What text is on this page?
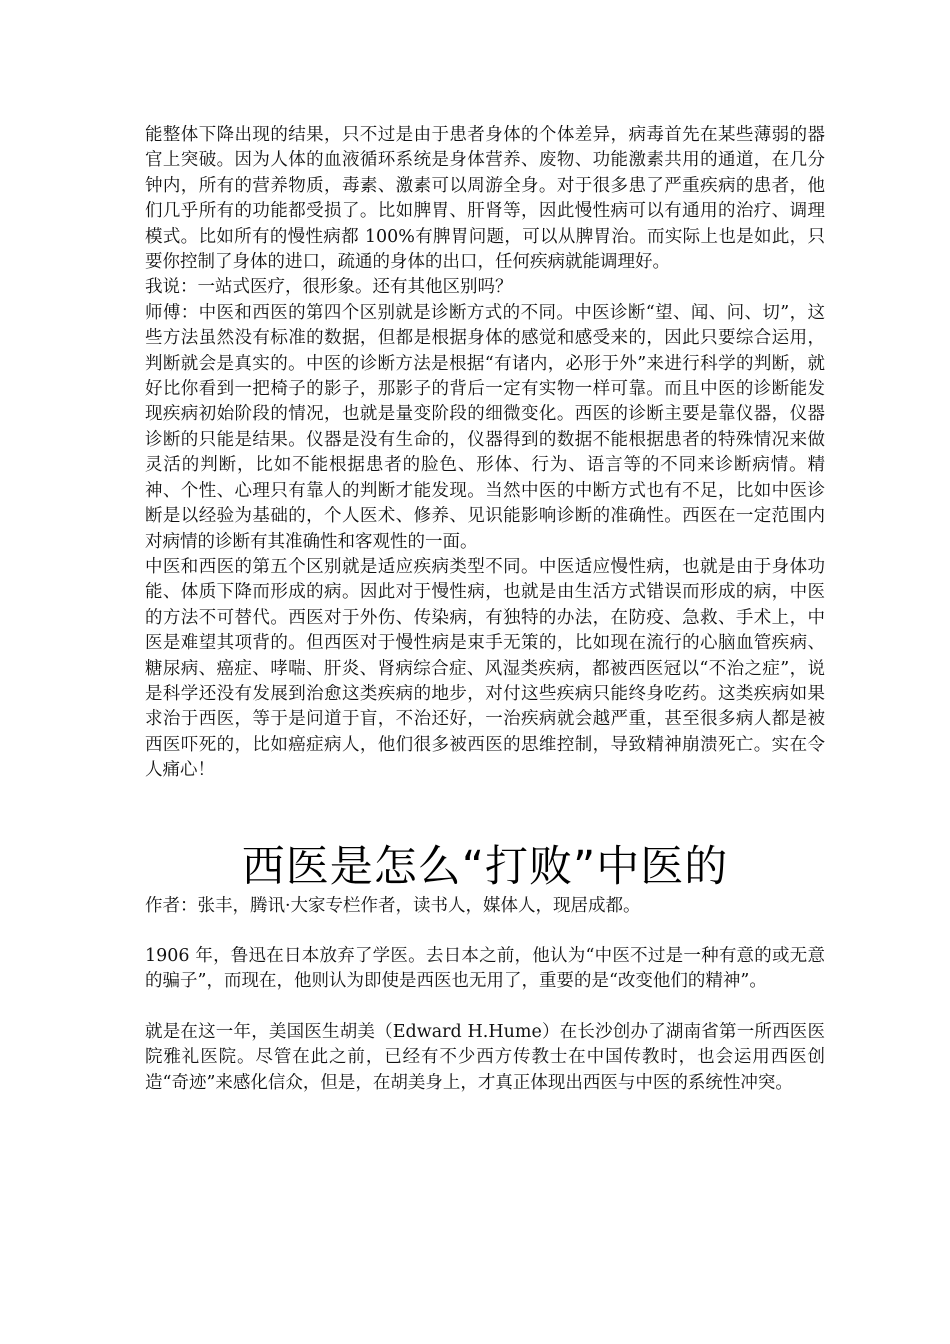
能整体下降出现的结果，只不过是由于患者身体的个体差异，病毒首先在某些薄弱的器官上突破。因为人体的血液循环系统是身体营养、废物、功能激素共用的通道，在几分钟内，所有的营养物质，毒素、激素可以周游全身。对于很多患了严重疾病的患者，他们几乎所有的功能都受损了。比如脾胃、肝肾等，因此慢性病可以有通用的治疗、调理模式。比如所有的慢性病都 100%有脾胃问题，可以从脾胃治。而实际上也是如此，只要你控制了身体的进口，疏通的身体的出口，任何疾病就能调理好。

我说：一站式医疗，很形象。还有其他区别吗？

师傅：中医和西医的第四个区别就是诊断方式的不同。中医诊断“望、闻、问、切”，这些方法虽然没有标准的数据，但都是根据身体的感觉和感受来的，因此只要综合运用，判断就会是真实的。中医的诊断方法是根据“有诸内，必形于外”来进行科学的判断，就好比你看到一把椅子的影子，那影子的背后一定有实物一样可靠。而且中医的诊断能发现疾病初始阶段的情况，也就是量变阶段的细微变化。西医的诊断主要是靠仪器，仪器诊断的只能是结果。仪器是没有生命的，仪器得到的数据不能根据患者的特殊情况来做灵活的判断，比如不能根据患者的脸色、形体、行为、语言等的不同来诊断病情。精神、个性、心理只有靠人的判断才能发现。当然中医的中断方式也有不足，比如中医诊断是以经验为基础的，个人医术、修养、见识能影响诊断的准确性。西医在一定范围内对病情的诊断有其准确性和客观性的一面。

中医和西医的第五个区别就是适应疾病类型不同。中医适应慢性病，也就是由于身体功能、体质下降而形成的病。因此对于慢性病，也就是由生活方式错误而形成的病，中医的方法不可替代。西医对于外伤、传染病，有独特的办法，在防疫、急救、手术上，中医是难望其项背的。但西医对于慢性病是束手无策的，比如现在流行的心脑血管疾病、糖尿病、癌症、哮喘、肝炎、肾病综合症、风湿类疾病，都被西医冠以“不治之症”，说是科学还没有发展到治愈这类疾病的地步，对付这些疾病只能终身吃药。这类疾病如果求治于西医，等于是问道于盲，不治还好，一治疾病就会越严重，甚至很多病人都是被西医吓死的，比如癌症病人，他们很多被西医的思维控制，导致精神崩溃死亡。实在令人痛心！

西医是怎么“打败”中医的

作者：张丰，腾讯·大家专栏作者，读书人，媒体人，现居成都。

1906 年，鲁迅在日本放弃了学医。去日本之前，他认为“中医不过是一种有意的或无意的骗子”，而现在，他则认为即使是西医也无用了，重要的是“改变他们的精神”。

就是在这一年，美国医生胡美（Edward H.Hume）在长沙创办了湖南省第一所西医医院雅礼医院。尽管在此之前，已经有不少西方传教士在中国传教时，也会运用西医创造“奇迹”来感化信众，但是，在胡美身上，才真正体现出西医与中医的系统性冲突。
